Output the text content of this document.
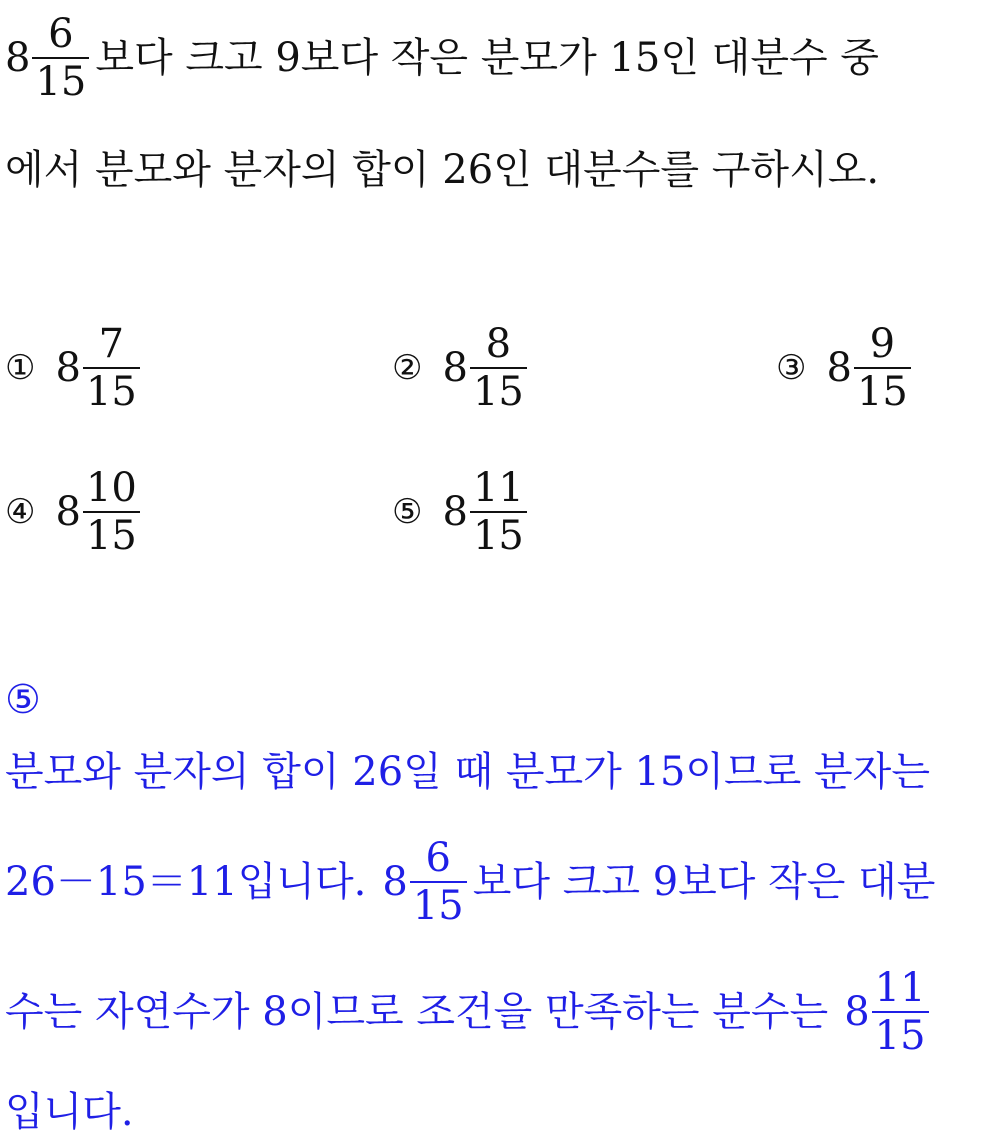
$8 \frac{6}{15}$ 보다 크고 9보다 작은 분모가 15인 대분수 중
에서 분모와 분자의 합이 26인 대분수를 구하시오.
① $8 \frac{7}{15}$	② $8 \frac{8}{15}$	③ $8 \frac{9}{15}$
④ $8 \frac{10}{15}$	⑤ $8 \frac{11}{15}$
⑤
분모와 분자의 합이 26일 때 분모가 15이므로 분자는
26－15＝11입니다. $8 \frac{6}{15}$ 보다 크고 9보다 작은 대분
수는 자연수가 8이므로 조건을 만족하는 분수는 $8 \frac{11}{15}$
입니다.
